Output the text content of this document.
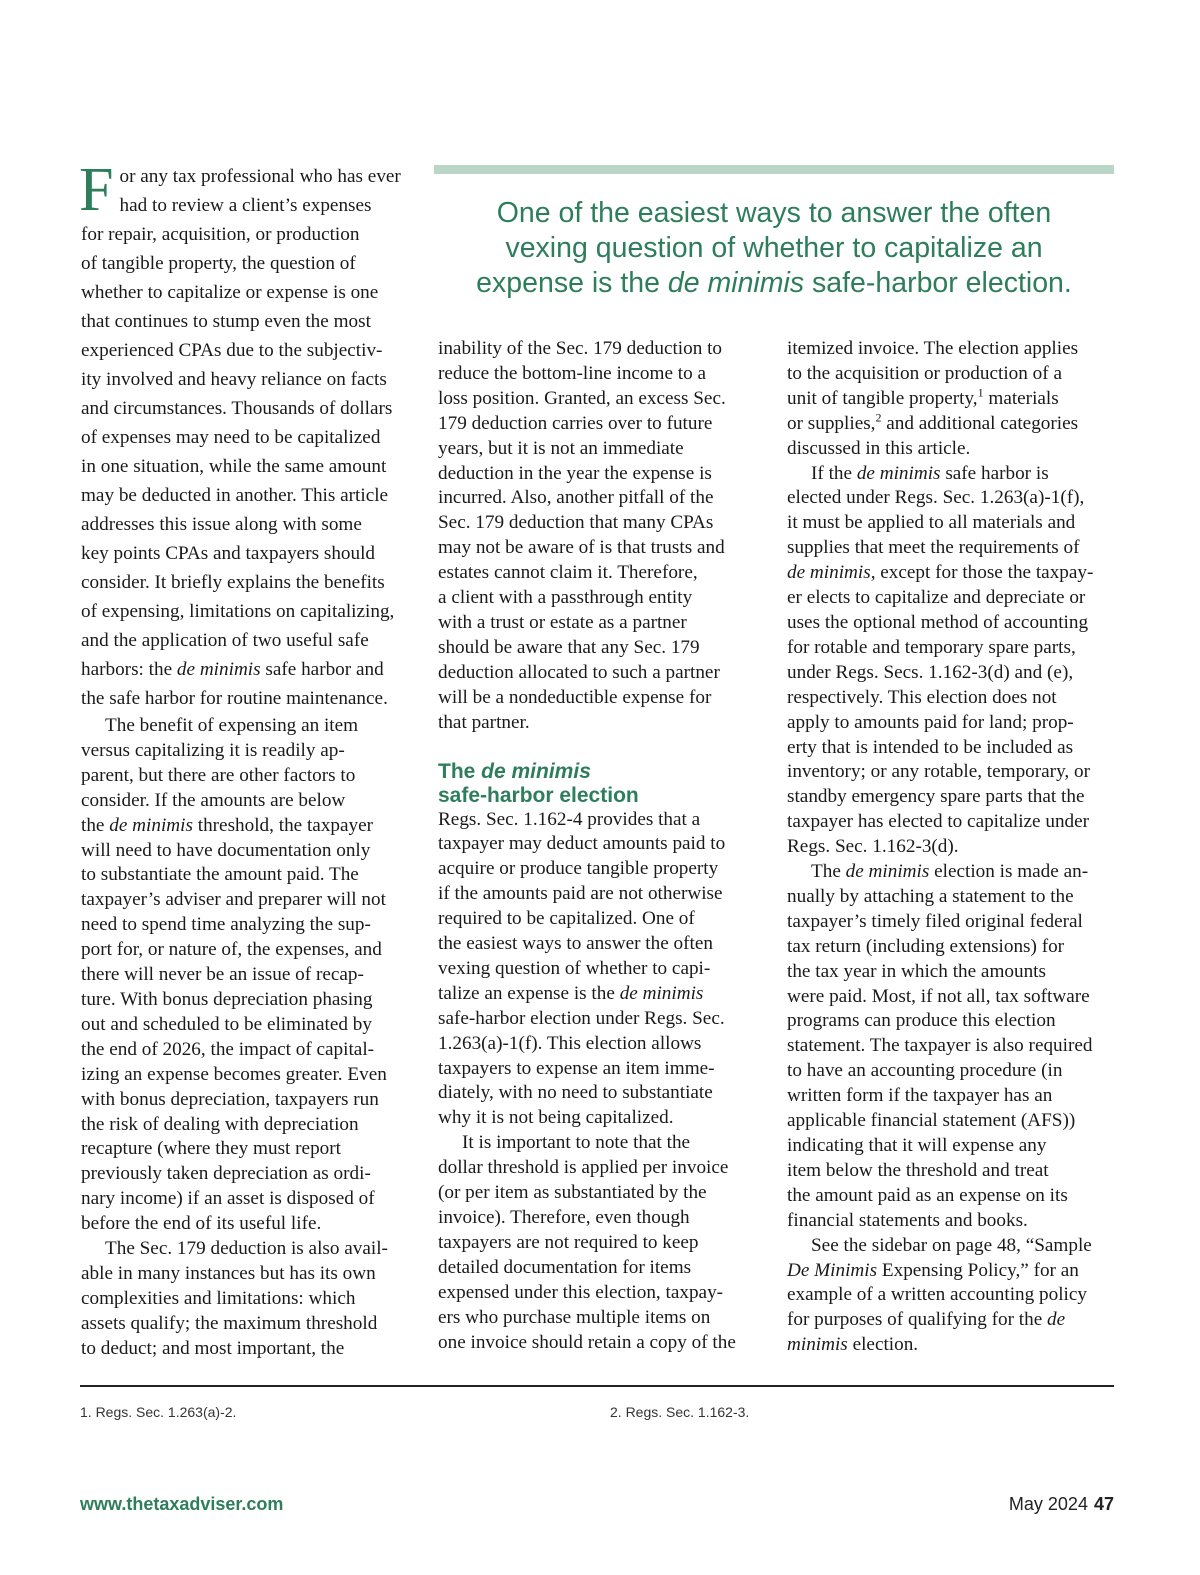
F or any tax professional who has ever
had to review a client’s expenses
for repair, acquisition, or production
of tangible property, the question of
whether to capitalize or expense is one
that continues to stump even the most
experienced CPAs due to the subjectiv-
ity involved and heavy reliance on facts
and circumstances. Thousands of dollars
of expenses may need to be capitalized
in one situation, while the same amount
may be deducted in another. This article
addresses this issue along with some
key points CPAs and taxpayers should
consider. It briefly explains the benefits
of expensing, limitations on capitalizing,
and the application of two useful safe
harbors: the de minimis safe harbor and
the safe harbor for routine maintenance.

The benefit of expensing an item
versus capitalizing it is readily ap-
parent, but there are other factors to
consider. If the amounts are below
the de minimis threshold, the taxpayer
will need to have documentation only
to substantiate the amount paid. The
taxpayer’s adviser and preparer will not
need to spend time analyzing the sup-
port for, or nature of, the expenses, and
there will never be an issue of recap-
ture. With bonus depreciation phasing
out and scheduled to be eliminated by
the end of 2026, the impact of capital-
izing an expense becomes greater. Even
with bonus depreciation, taxpayers run
the risk of dealing with depreciation
recapture (where they must report
previously taken depreciation as ordi-
nary income) if an asset is disposed of
before the end of its useful life.

The Sec. 179 deduction is also avail-
able in many instances but has its own
complexities and limitations: which
assets qualify; the maximum threshold
to deduct; and most important, the

One of the easiest ways to answer the often
vexing question of whether to capitalize an
expense is the de minimis safe-harbor election.

inability of the Sec. 179 deduction to
reduce the bottom-line income to a
loss position. Granted, an excess Sec.
179 deduction carries over to future
years, but it is not an immediate
deduction in the year the expense is
incurred. Also, another pitfall of the
Sec. 179 deduction that many CPAs
may not be aware of is that trusts and
estates cannot claim it. Therefore,
a client with a passthrough entity
with a trust or estate as a partner
should be aware that any Sec. 179
deduction allocated to such a partner
will be a nondeductible expense for
that partner.

The de minimis
safe-harbor election

Regs. Sec. 1.162-4 provides that a
taxpayer may deduct amounts paid to
acquire or produce tangible property
if the amounts paid are not otherwise
required to be capitalized. One of
the easiest ways to answer the often
vexing question of whether to capi-
talize an expense is the de minimis
safe-harbor election under Regs. Sec.
1.263(a)-1(f). This election allows
taxpayers to expense an item imme-
diately, with no need to substantiate
why it is not being capitalized.

It is important to note that the
dollar threshold is applied per invoice
(or per item as substantiated by the
invoice). Therefore, even though
taxpayers are not required to keep
detailed documentation for items
expensed under this election, taxpay-
ers who purchase multiple items on
one invoice should retain a copy of the

itemized invoice. The election applies
to the acquisition or production of a
unit of tangible property,$^1$ materials
or supplies,$^2$ and additional categories
discussed in this article.

If the de minimis safe harbor is
elected under Regs. Sec. 1.263(a)-1(f),
it must be applied to all materials and
supplies that meet the requirements of
de minimis, except for those the taxpay-
er elects to capitalize and depreciate or
uses the optional method of accounting
for rotable and temporary spare parts,
under Regs. Secs. 1.162-3(d) and (e),
respectively. This election does not
apply to amounts paid for land; prop-
erty that is intended to be included as
inventory; or any rotable, temporary, or
standby emergency spare parts that the
taxpayer has elected to capitalize under
Regs. Sec. 1.162-3(d).

The de minimis election is made an-
nually by attaching a statement to the
taxpayer’s timely filed original federal
tax return (including extensions) for
the tax year in which the amounts
were paid. Most, if not all, tax software
programs can produce this election
statement. The taxpayer is also required
to have an accounting procedure (in
written form if the taxpayer has an
applicable financial statement (AFS))
indicating that it will expense any
item below the threshold and treat
the amount paid as an expense on its
financial statements and books.

See the sidebar on page 48, “Sample
De Minimis Expensing Policy,” for an
example of a written accounting policy
for purposes of qualifying for the de
minimis election.

1. Regs. Sec. 1.263(a)-2.	2. Regs. Sec. 1.162-3.
www.thetaxadviser.com	May 2024 47
